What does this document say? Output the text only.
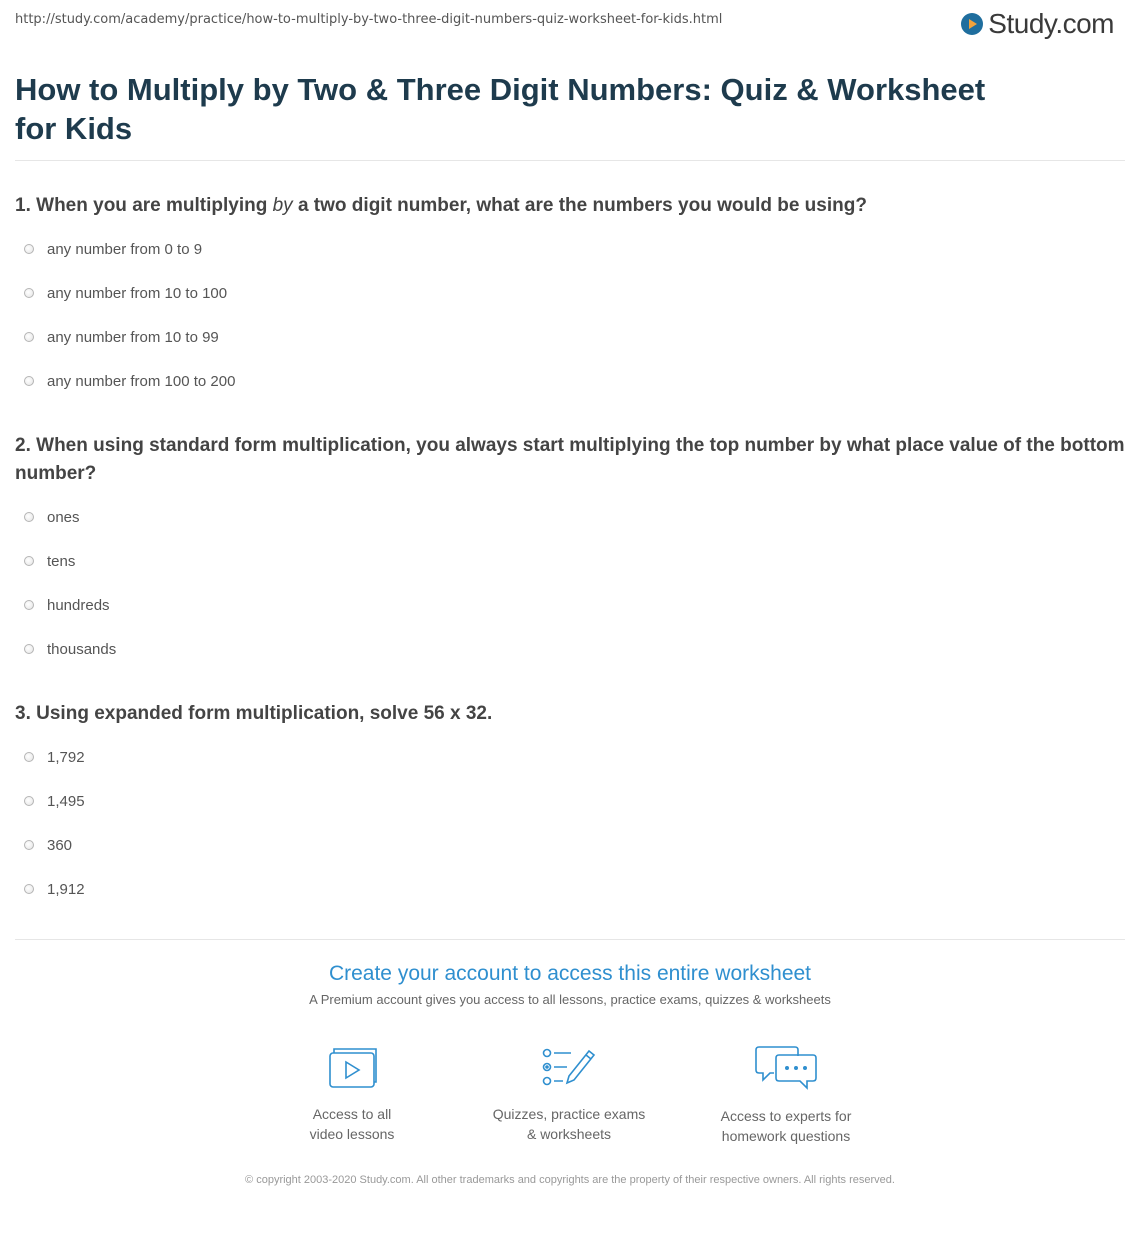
http://study.com/academy/practice/how-to-multiply-by-two-three-digit-numbers-quiz-worksheet-for-kids.html	Study.com
How to Multiply by Two & Three Digit Numbers: Quiz & Worksheet for Kids
1. When you are multiplying by a two digit number, what are the numbers you would be using?
any number from 0 to 9
any number from 10 to 100
any number from 10 to 99
any number from 100 to 200
2. When using standard form multiplication, you always start multiplying the top number by what place value of the bottom number?
ones
tens
hundreds
thousands
3. Using expanded form multiplication, solve 56 x 32.
1,792
1,495
360
1,912
Create your account to access this entire worksheet
A Premium account gives you access to all lessons, practice exams, quizzes & worksheets
Access to all
video lessons
Quizzes, practice exams
& worksheets
Access to experts for
homework questions
© copyright 2003-2020 Study.com. All other trademarks and copyrights are the property of their respective owners. All rights reserved.
